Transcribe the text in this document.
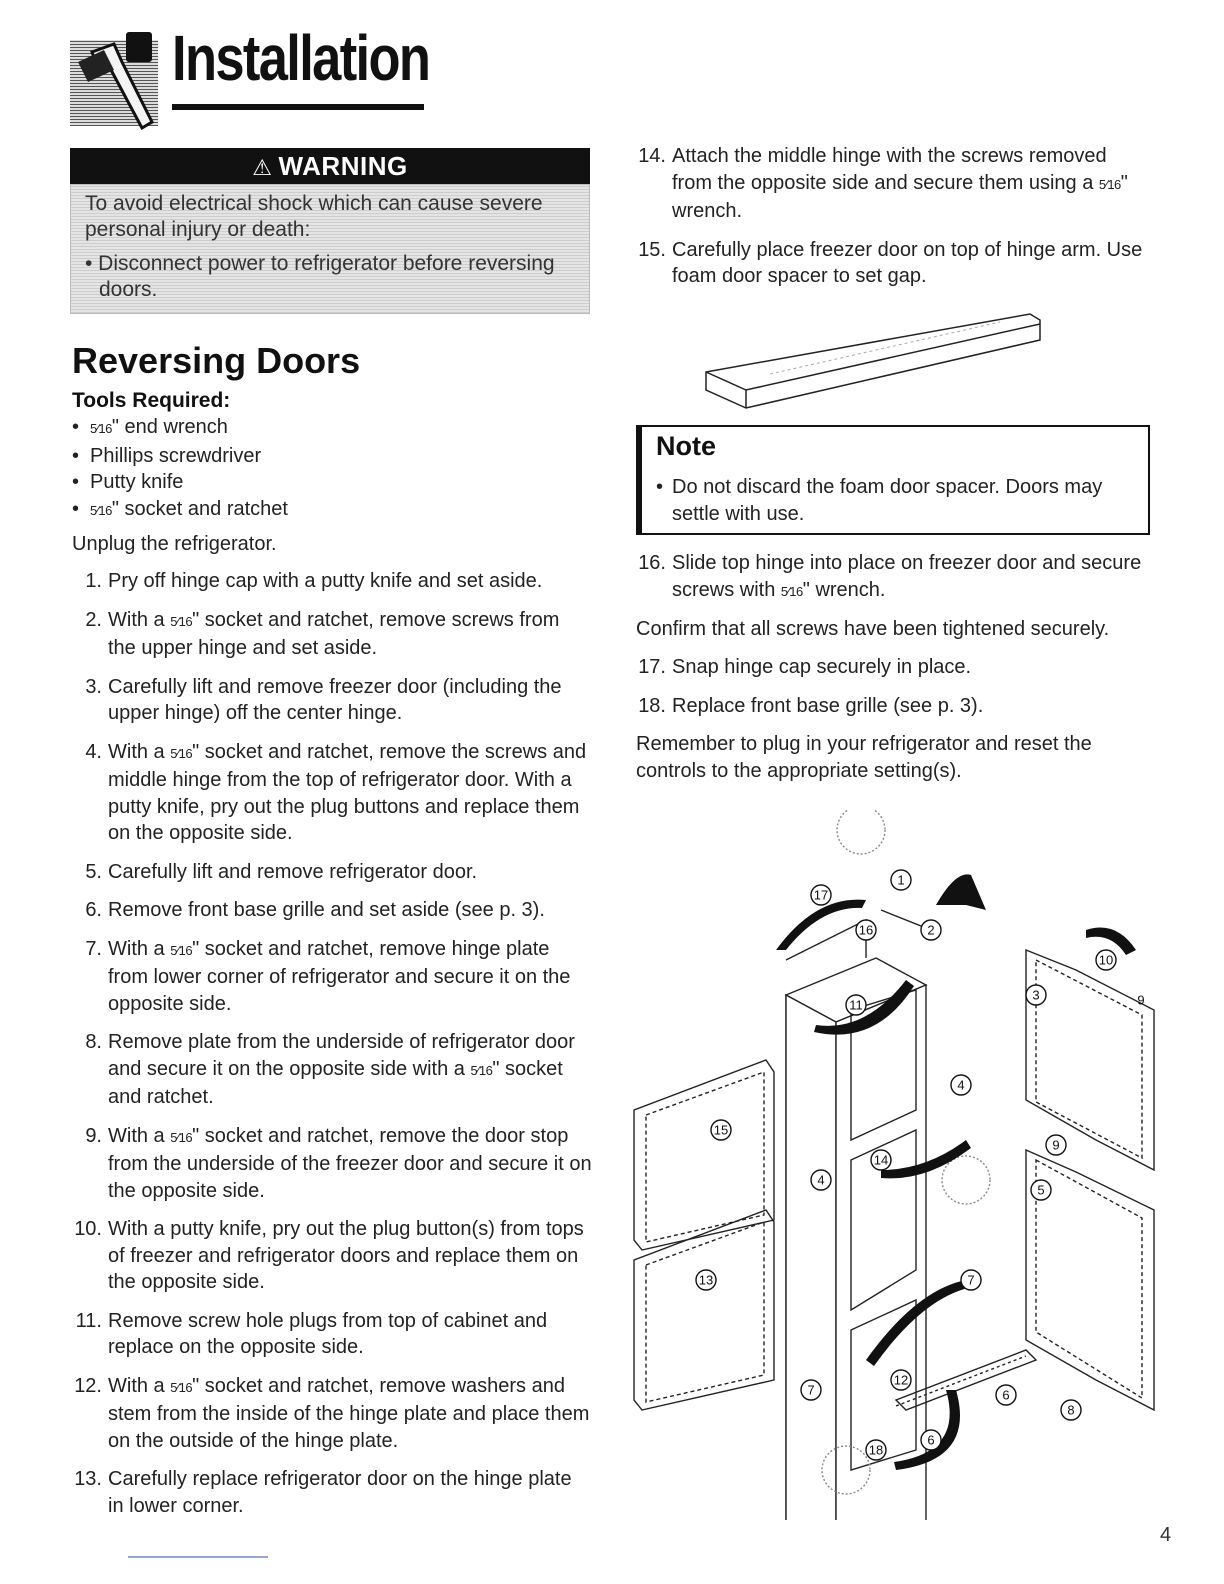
Installation
⚠ WARNING
To avoid electrical shock which can cause severe personal injury or death:
• Disconnect power to refrigerator before reversing doors.
Reversing Doors
Tools Required:
• 5⁄16" end wrench
• Phillips screwdriver
• Putty knife
• 5⁄16" socket and ratchet
Unplug the refrigerator.
1. Pry off hinge cap with a putty knife and set aside.
2. With a 5⁄16" socket and ratchet, remove screws from the upper hinge and set aside.
3. Carefully lift and remove freezer door (including the upper hinge) off the center hinge.
4. With a 5⁄16" socket and ratchet, remove the screws and middle hinge from the top of refrigerator door. With a putty knife, pry out the plug buttons and replace them on the opposite side.
5. Carefully lift and remove refrigerator door.
6. Remove front base grille and set aside (see p. 3).
7. With a 5⁄16" socket and ratchet, remove hinge plate from lower corner of refrigerator and secure it on the opposite side.
8. Remove plate from the underside of refrigerator door and secure it on the opposite side with a 5⁄16" socket and ratchet.
9. With a 5⁄16" socket and ratchet, remove the door stop from the underside of the freezer door and secure it on the opposite side.
10. With a putty knife, pry out the plug button(s) from tops of freezer and refrigerator doors and replace them on the opposite side.
11. Remove screw hole plugs from top of cabinet and replace on the opposite side.
12. With a 5⁄16" socket and ratchet, remove washers and stem from the inside of the hinge plate and place them on the outside of the hinge plate.
13. Carefully replace refrigerator door on the hinge plate in lower corner.
14. Attach the middle hinge with the screws removed from the opposite side and secure them using a 5⁄16" wrench.
15. Carefully place freezer door on top of hinge arm. Use foam door spacer to set gap.
Note
• Do not discard the foam door spacer. Doors may settle with use.
16. Slide top hinge into place on freezer door and secure screws with 5⁄16" wrench.
Confirm that all screws have been tightened securely.
17. Snap hinge cap securely in place.
18. Replace front base grille (see p. 3).
Remember to plug in your refrigerator and reset the controls to the appropriate setting(s).
1
2
3
4
4
5
6
6
7
7
8
9
9
10
11
12
13
14
15
16
17
18
4
